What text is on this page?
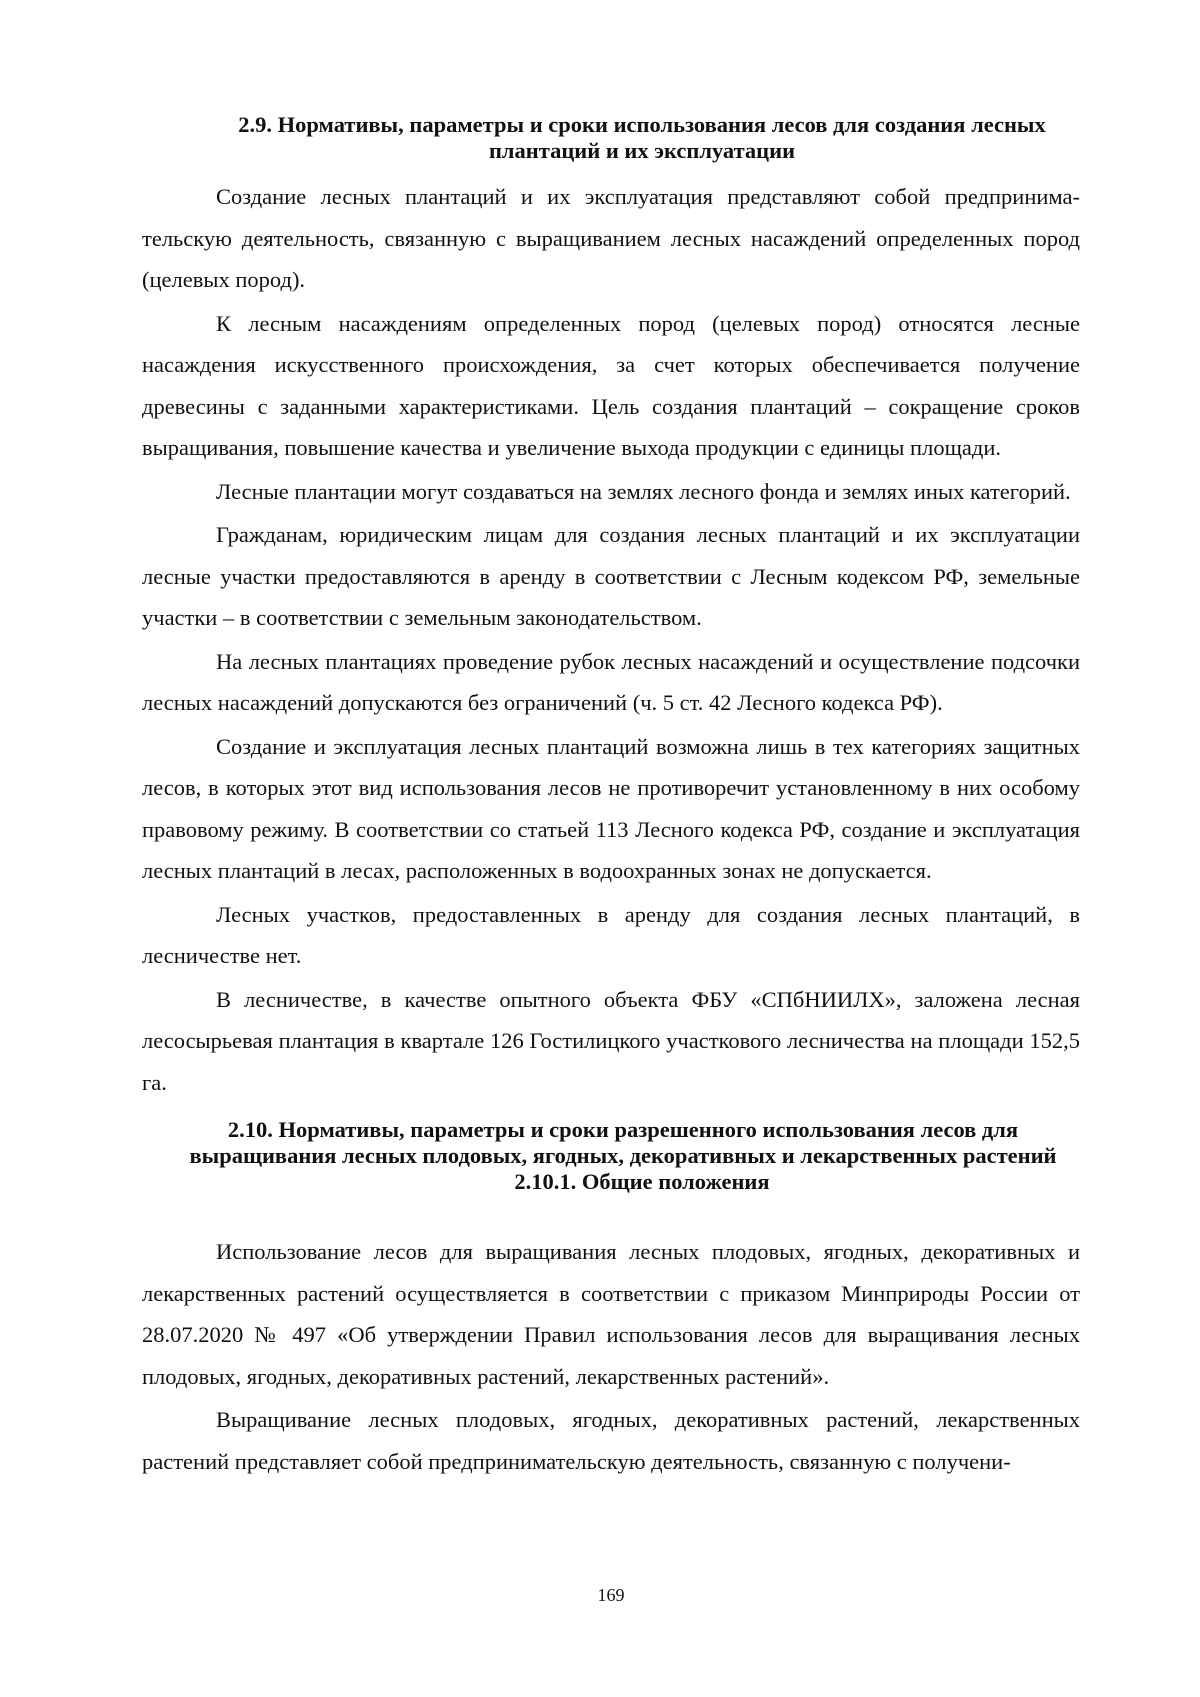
2.9. Нормативы, параметры и сроки использования лесов для создания лесных плантаций и их эксплуатации

Создание лесных плантаций и их эксплуатация представляют собой предпринимательскую деятельность, связанную с выращиванием лесных насаждений определенных пород (целевых пород).

К лесным насаждениям определенных пород (целевых пород) относятся лесные насаждения искусственного происхождения, за счет которых обеспечивается получение древесины с заданными характеристиками. Цель создания плантаций – сокращение сроков выращивания, повышение качества и увеличение выхода продукции с единицы площади.

Лесные плантации могут создаваться на землях лесного фонда и землях иных категорий.

Гражданам, юридическим лицам для создания лесных плантаций и их эксплуатации лесные участки предоставляются в аренду в соответствии с Лесным кодексом РФ, земельные участки – в соответствии с земельным законодательством.

На лесных плантациях проведение рубок лесных насаждений и осуществление подсочки лесных насаждений допускаются без ограничений (ч. 5 ст. 42 Лесного кодекса РФ).

Создание и эксплуатация лесных плантаций возможна лишь в тех категориях защитных лесов, в которых этот вид использования лесов не противоречит установленному в них особому правовому режиму. В соответствии со статьей 113 Лесного кодекса РФ, создание и эксплуатация лесных плантаций в лесах, расположенных в водоохранных зонах не допускается.

Лесных участков, предоставленных в аренду для создания лесных плантаций, в лесничестве нет.

В лесничестве, в качестве опытного объекта ФБУ «СПбНИИЛХ», заложена лесная лесосырьевая плантация в квартале 126 Гостилицкого участкового лесничества на площади 152,5 га.

2.10. Нормативы, параметры и сроки разрешенного использования лесов для
выращивания лесных плодовых, ягодных, декоративных и лекарственных растений
2.10.1. Общие положения

Использование лесов для выращивания лесных плодовых, ягодных, декоративных и лекарственных растений осуществляется в соответствии с приказом Минприроды России от 28.07.2020 № 497 «Об утверждении Правил использования лесов для выращивания лесных плодовых, ягодных, декоративных растений, лекарственных растений».

Выращивание лесных плодовых, ягодных, декоративных растений, лекарственных растений представляет собой предпринимательскую деятельность, связанную с получени-

169
